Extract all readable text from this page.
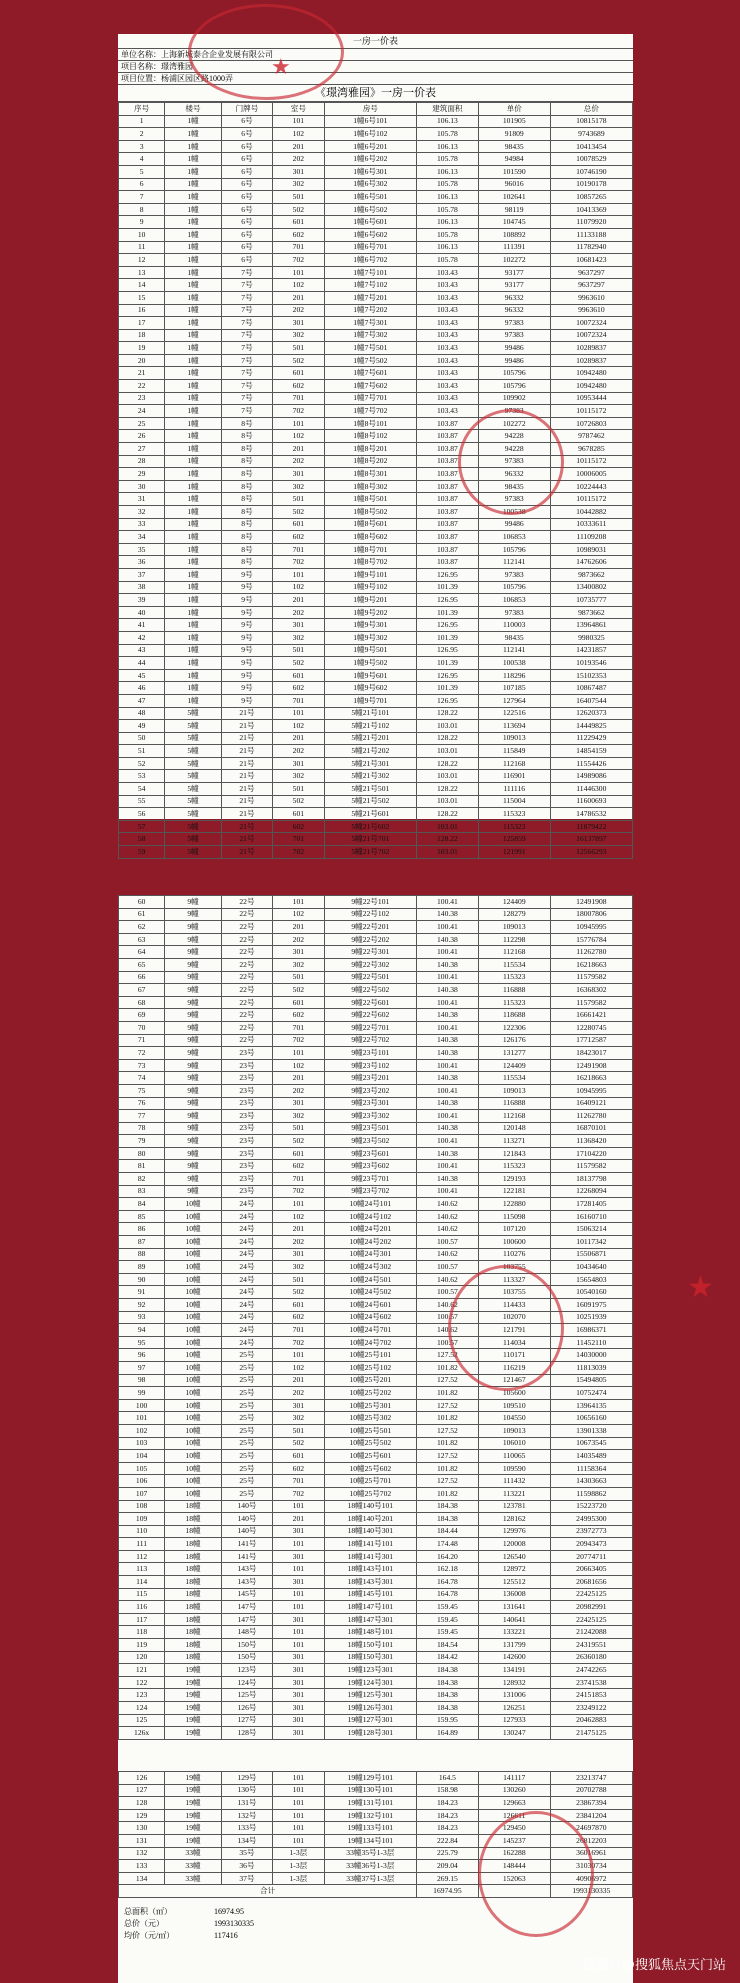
一房一价表
单位名称：上海新城泰合企业发展有限公司
项目名称：璟湾雅园
项目位置：杨浦区园区路1000弄
《璟湾雅园》一房一价表
序号	楼号	门牌号	室号	房号	建筑面积	单价	总价
1	1幢	6号	101	1幢6号101	106.13	101905	10815178
2	1幢	6号	102	1幢6号102	105.78	91809	9743689
3	1幢	6号	201	1幢6号201	106.13	98435	10413454
4	1幢	6号	202	1幢6号202	105.78	94984	10078529
5	1幢	6号	301	1幢6号301	106.13	101590	10746190
6	1幢	6号	302	1幢6号302	105.78	96016	10190178
7	1幢	6号	501	1幢6号501	106.13	102641	10857265
8	1幢	6号	502	1幢6号502	105.78	98119	10413369
9	1幢	6号	601	1幢6号601	106.13	104745	11079920
10	1幢	6号	602	1幢6号602	105.78	108892	11133188
11	1幢	6号	701	1幢6号701	106.13	111391	11782940
12	1幢	6号	702	1幢6号702	105.78	102272	10681423
13	1幢	7号	101	1幢7号101	103.43	93177	9637297
14	1幢	7号	102	1幢7号102	103.43	93177	9637297
15	1幢	7号	201	1幢7号201	103.43	96332	9963610
16	1幢	7号	202	1幢7号202	103.43	96332	9963610
17	1幢	7号	301	1幢7号301	103.43	97383	10072324
18	1幢	7号	302	1幢7号302	103.43	97383	10072324
19	1幢	7号	501	1幢7号501	103.43	99486	10289837
20	1幢	7号	502	1幢7号502	103.43	99486	10289837
21	1幢	7号	601	1幢7号601	103.43	105796	10942480
22	1幢	7号	602	1幢7号602	103.43	105796	10942480
23	1幢	7号	701	1幢7号701	103.43	109902	10953444
24	1幢	7号	702	1幢7号702	103.43	97383	10115172
25	1幢	8号	101	1幢8号101	103.87	102272	10726803
26	1幢	8号	102	1幢8号102	103.87	94228	9787462
27	1幢	8号	201	1幢8号201	103.87	94228	9678285
28	1幢	8号	202	1幢8号202	103.87	97383	10115172
29	1幢	8号	301	1幢8号301	103.87	96332	10006005
30	1幢	8号	302	1幢8号302	103.87	98435	10224443
31	1幢	8号	501	1幢8号501	103.87	97383	10115172
32	1幢	8号	502	1幢8号502	103.87	100538	10442882
33	1幢	8号	601	1幢8号601	103.87	99486	10333611
34	1幢	8号	602	1幢8号602	103.87	106853	11109208
35	1幢	8号	701	1幢8号701	103.87	105796	10989031
36	1幢	8号	702	1幢8号702	103.87	112141	14762606
37	1幢	9号	101	1幢9号101	126.95	97383	9873662
38	1幢	9号	102	1幢9号102	101.39	105796	13400802
39	1幢	9号	201	1幢9号201	126.95	106853	10735777
40	1幢	9号	202	1幢9号202	101.39	97383	9873662
41	1幢	9号	301	1幢9号301	126.95	110003	13964861
42	1幢	9号	302	1幢9号302	101.39	98435	9980325
43	1幢	9号	501	1幢9号501	126.95	112141	14231857
44	1幢	9号	502	1幢9号502	101.39	100538	10193546
45	1幢	9号	601	1幢9号601	126.95	118296	15102353
46	1幢	9号	602	1幢9号602	101.39	107185	10867487
47	1幢	9号	701	1幢9号701	126.95	127964	16407544
48	5幢	21号	101	5幢21号101	128.22	122516	12620373
49	5幢	21号	102	5幢21号102	103.01	113694	14449825
50	5幢	21号	201	5幢21号201	128.22	109013	11229429
51	5幢	21号	202	5幢21号202	103.01	115849	14854159
52	5幢	21号	301	5幢21号301	128.22	112168	11554426
53	5幢	21号	302	5幢21号302	103.01	116901	14989086
54	5幢	21号	501	5幢21号501	128.22	111116	11446300
55	5幢	21号	502	5幢21号502	103.01	115004	11600693
56	5幢	21号	601	5幢21号601	128.22	115323	14786532
57	5幢	21号	602	5幢21号602	103.01	115323	11879422
58	5幢	21号	701	5幢21号701	128.22	125859	16137897
59	5幢	21号	702	5幢21号702	103.01	121991	12566293
★
60	9幢	22号	101	9幢22号101	100.41	124409	12491908
61	9幢	22号	102	9幢22号102	140.38	128279	18007806
62	9幢	22号	201	9幢22号201	100.41	109013	10945995
63	9幢	22号	202	9幢22号202	140.38	112298	15776784
64	9幢	22号	301	9幢22号301	100.41	112168	11262780
65	9幢	22号	302	9幢22号302	140.38	115534	16218663
66	9幢	22号	501	9幢22号501	100.41	115323	11579582
67	9幢	22号	502	9幢22号502	140.38	116888	16368302
68	9幢	22号	601	9幢22号601	100.41	115323	11579582
69	9幢	22号	602	9幢22号602	140.38	118688	16661421
70	9幢	22号	701	9幢22号701	100.41	122306	12280745
71	9幢	22号	702	9幢22号702	140.38	126176	17712587
72	9幢	23号	101	9幢23号101	140.38	131277	18423017
73	9幢	23号	102	9幢23号102	100.41	124409	12491908
74	9幢	23号	201	9幢23号201	140.38	115534	16218663
75	9幢	23号	202	9幢23号202	100.41	109013	10945995
76	9幢	23号	301	9幢23号301	140.38	116888	16409121
77	9幢	23号	302	9幢23号302	100.41	112168	11262780
78	9幢	23号	501	9幢23号501	140.38	120148	16870101
79	9幢	23号	502	9幢23号502	100.41	113271	11368420
80	9幢	23号	601	9幢23号601	140.38	121843	17104220
81	9幢	23号	602	9幢23号602	100.41	115323	11579582
82	9幢	23号	701	9幢23号701	140.38	129193	18137798
83	9幢	23号	702	9幢23号702	100.41	122181	12268094
84	10幢	24号	101	10幢24号101	140.62	122880	17281405
85	10幢	24号	102	10幢24号102	140.62	115098	16160710
86	10幢	24号	201	10幢24号201	140.62	107120	15063214
87	10幢	24号	202	10幢24号202	100.57	100600	10117342
88	10幢	24号	301	10幢24号301	140.62	110276	15506871
89	10幢	24号	302	10幢24号302	100.57	103755	10434640
90	10幢	24号	501	10幢24号501	140.62	113327	15654803
91	10幢	24号	502	10幢24号502	100.57	103755	10540160
92	10幢	24号	601	10幢24号601	140.62	114433	16091975
93	10幢	24号	602	10幢24号602	100.57	102070	10251939
94	10幢	24号	701	10幢24号701	140.62	121791	16986371
95	10幢	24号	702	10幢24号702	100.57	114034	11452110
96	10幢	25号	101	10幢25号101	127.52	110171	14030000
97	10幢	25号	102	10幢25号102	101.82	116219	11813039
98	10幢	25号	201	10幢25号201	127.52	121467	15494805
99	10幢	25号	202	10幢25号202	101.82	105600	10752474
100	10幢	25号	301	10幢25号301	127.52	109510	13964135
101	10幢	25号	302	10幢25号302	101.82	104550	10656160
102	10幢	25号	501	10幢25号501	127.52	109013	13901338
103	10幢	25号	502	10幢25号502	101.82	106010	10673545
104	10幢	25号	601	10幢25号601	127.52	110065	14035489
105	10幢	25号	602	10幢25号602	101.82	109590	11158364
106	10幢	25号	701	10幢25号701	127.52	111432	14303663
107	10幢	25号	702	10幢25号702	101.82	113221	11598862
108	18幢	140号	101	18幢140号101	184.38	123781	15223720
109	18幢	140号	201	18幢140号201	184.38	128162	24995300
110	18幢	140号	301	18幢140号301	184.44	129976	23972773
111	18幢	141号	101	18幢141号101	174.48	120008	20943473
112	18幢	141号	301	18幢141号301	164.20	126540	20774711
113	18幢	143号	101	18幢143号101	162.18	128972	20663405
114	18幢	143号	301	18幢143号301	164.78	125512	20681656
115	18幢	145号	101	18幢145号101	164.78	136008	22425125
116	18幢	147号	101	18幢147号101	159.45	131641	20982991
117	18幢	147号	301	18幢147号301	159.45	140641	22425125
118	18幢	148号	101	18幢148号101	159.45	133221	21242088
119	18幢	150号	101	18幢150号101	184.54	131799	24319551
120	18幢	150号	301	18幢150号301	184.42	142600	26360180
121	19幢	123号	301	19幢123号301	184.38	134191	24742265
122	19幢	124号	301	19幢124号301	184.38	128932	23741538
123	19幢	125号	301	19幢125号301	184.38	131006	24151853
124	19幢	126号	301	19幢126号301	184.38	126251	23249122
125	19幢	127号	301	19幢127号301	159.95	127933	20462883
126x	19幢	128号	301	19幢128号301	164.89	130247	21475125
126	19幢	129号	101	19幢129号101	164.5	141117	23213747
127	19幢	130号	101	19幢130号101	158.98	130260	20702788
128	19幢	131号	101	19幢131号101	184.23	129663	23867394
129	19幢	132号	101	19幢132号101	184.23	126611	23841204
130	19幢	133号	101	19幢133号101	184.23	129450	24697870
131	19幢	134号	101	19幢134号101	222.84	145237	26812203
132	33幢	35号	1-3层	33幢35号1-3层	225.79	162288	36016961
133	33幢	36号	1-3层	33幢36号1-3层	209.04	148444	31030734
134	33幢	37号	1-3层	33幢37号1-3层	269.15	152063	40906972
合计					16974.95		1993130335
总面积（㎡）	16974.95
总价（元）	1993130335
均价（元/㎡）	117416
★
搜狐号@搜狐焦点天门站
